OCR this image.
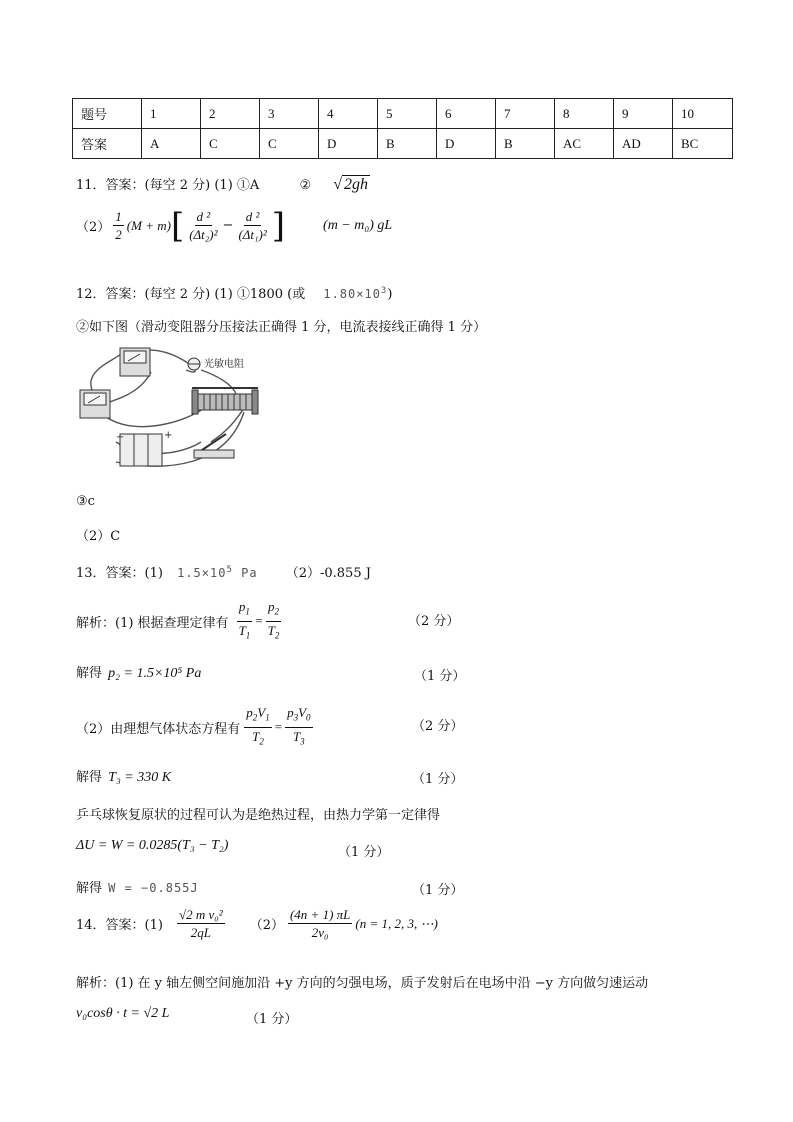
题号	1	2	3	4	5	6	7	8	9	10
答案	A	C	C	D	B	D	B	AC	AD	BC
11．答案：(每空 2 分) (1) ①A	② √ 2gh
$(2) \frac{1}{2} (M + m)$ [ $\frac{\text{d ²}}{\text{(Δt₂)²}} - \frac{\text{d ²}}{\text{(Δt₁)²}}$ ]	(m − m₀) gL
12．答案：(每空 2 分) (1) ①1800 (或 $1.80\times 10^3$)
②如下图（滑动变阻器分压接法正确得 1 分，电流表接线正确得 1 分）
光敏电阻
−	+
③c
（2）C
13．答案：(1) $1.5\times 10^5$ Pa （2）-0.855 J
解析：(1) 根据查理定律有 $\frac{p_1}{T_1} = \frac{p_2}{T_2}$	（2 分）
解得 p₂ = 1.5×10⁵ Pa	（1 分）
（2）由理想气体状态方程有 $\frac{p_2V_1}{T_2} = \frac{p_3V_0}{T_3}$	（2 分）
解得 T₃ = 330 K	（1 分）
乒乓球恢复原状的过程可认为是绝热过程，由热力学第一定律得
ΔU = W = 0.0285(T₃ − T₂)	（1 分）
解得 W = −0.855J	（1 分）
14．答案：$(1) \frac{\text{√2 m v₀²}}{2qL} (2) \frac{(4n + 1) \pi L}{\text{2v₀}} (n = 1$, 2, 3, ⋯)
解析：(1) 在 y 轴左侧空间施加沿 +y 方向的匀强电场，质子发射后在电场中沿 −y 方向做匀速运动
v₀cosθ · t = √2 L	（1 分）
